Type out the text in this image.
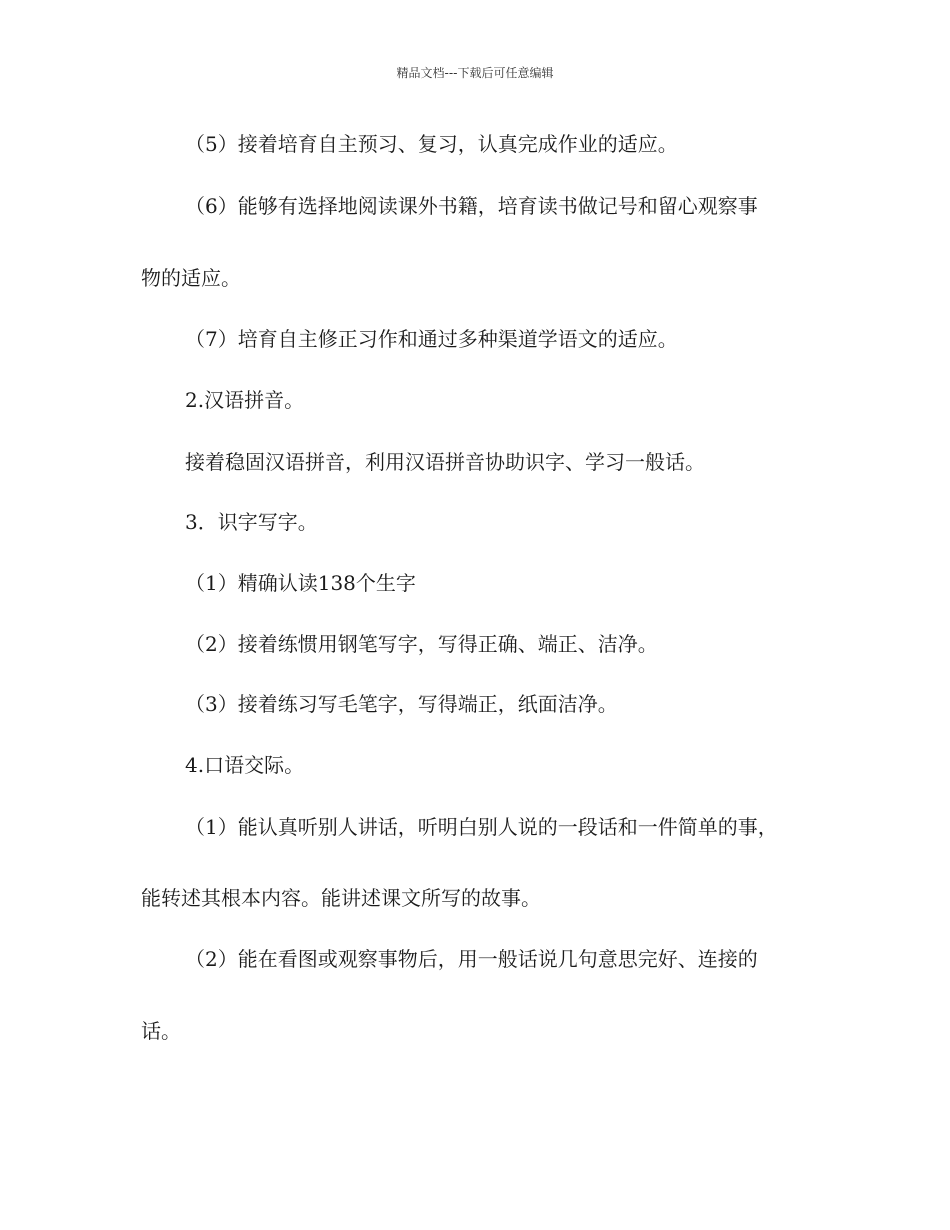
精品文档---下载后可任意编辑
（5）接着培育自主预习、复习，认真完成作业的适应。
（6）能够有选择地阅读课外书籍，培育读书做记号和留心观察事
物的适应。
（7）培育自主修正习作和通过多种渠道学语文的适应。
2.汉语拼音。
接着稳固汉语拼音，利用汉语拼音协助识字、学习一般话。
3．识字写字。
（1）精确认读138个生字
（2）接着练惯用钢笔写字，写得正确、端正、洁净。
（3）接着练习写毛笔字，写得端正，纸面洁净。
4.口语交际。
（1）能认真听别人讲话，听明白别人说的一段话和一件简单的事，
能转述其根本内容。能讲述课文所写的故事。
（2）能在看图或观察事物后，用一般话说几句意思完好、连接的
话。
